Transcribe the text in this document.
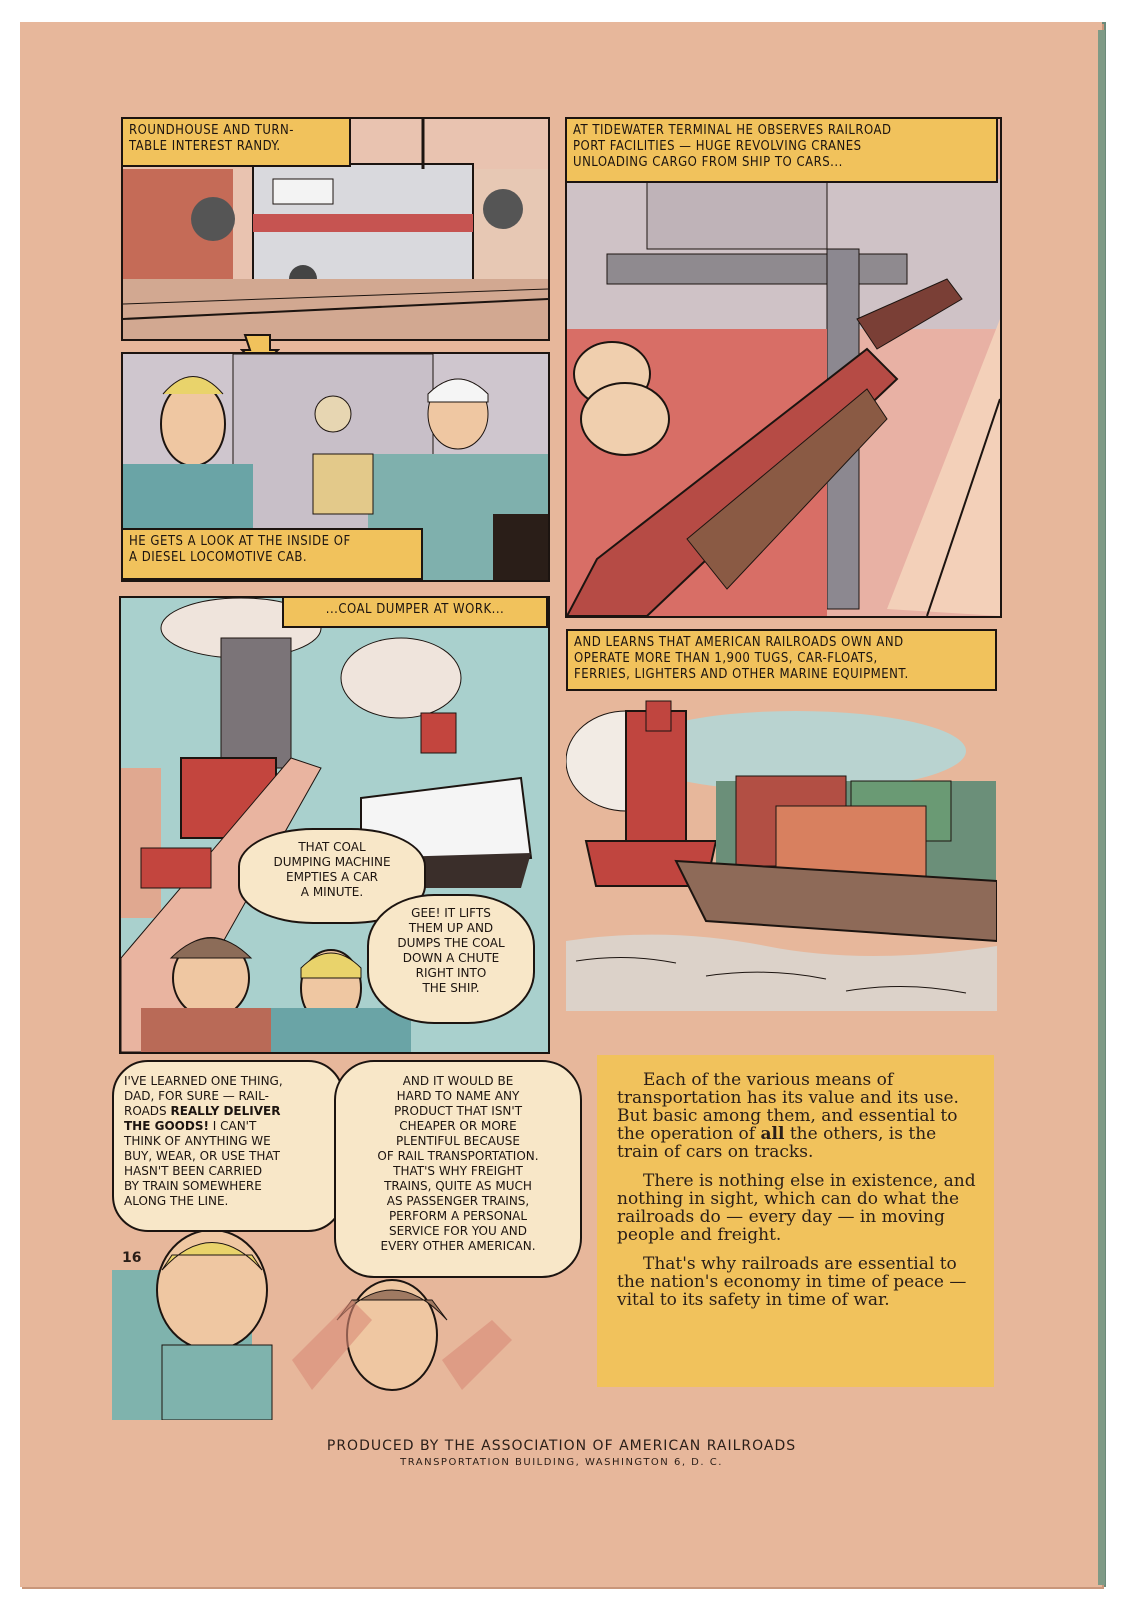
ROUNDHOUSE AND TURN-
TABLE INTEREST RANDY.
HE GETS A LOOK AT THE INSIDE OF
A DIESEL LOCOMOTIVE CAB.
AT TIDEWATER TERMINAL HE OBSERVES RAILROAD
PORT FACILITIES — HUGE REVOLVING CRANES
UNLOADING CARGO FROM SHIP TO CARS...
...COAL DUMPER AT WORK...
THAT COAL
DUMPING MACHINE
EMPTIES A CAR
A MINUTE.
GEE! IT LIFTS
THEM UP AND
DUMPS THE COAL
DOWN A CHUTE
RIGHT INTO
THE SHIP.
AND LEARNS THAT AMERICAN RAILROADS OWN AND
OPERATE MORE THAN 1,900 TUGS, CAR-FLOATS,
FERRIES, LIGHTERS AND OTHER MARINE EQUIPMENT.
I'VE LEARNED ONE THING,
DAD, FOR SURE — RAIL-
ROADS REALLY DELIVER
THE GOODS! I CAN'T
THINK OF ANYTHING WE
BUY, WEAR, OR USE THAT
HASN'T BEEN CARRIED
BY TRAIN SOMEWHERE
ALONG THE LINE.
AND IT WOULD BE
HARD TO NAME ANY
PRODUCT THAT ISN'T
CHEAPER OR MORE
PLENTIFUL BECAUSE
OF RAIL TRANSPORTATION.
THAT'S WHY FREIGHT
TRAINS, QUITE AS MUCH
AS PASSENGER TRAINS,
PERFORM A PERSONAL
SERVICE FOR YOU AND
EVERY OTHER AMERICAN.
16

Each of the various means of transportation has its value and its use. But basic among them, and essential to the operation of all the others, is the train of cars on tracks.

There is nothing else in existence, and nothing in sight, which can do what the railroads do — every day — in moving people and freight.

That's why railroads are essential to the nation's economy in time of peace — vital to its safety in time of war.

PRODUCED BY THE ASSOCIATION OF AMERICAN RAILROADS
TRANSPORTATION BUILDING, WASHINGTON 6, D. C.
